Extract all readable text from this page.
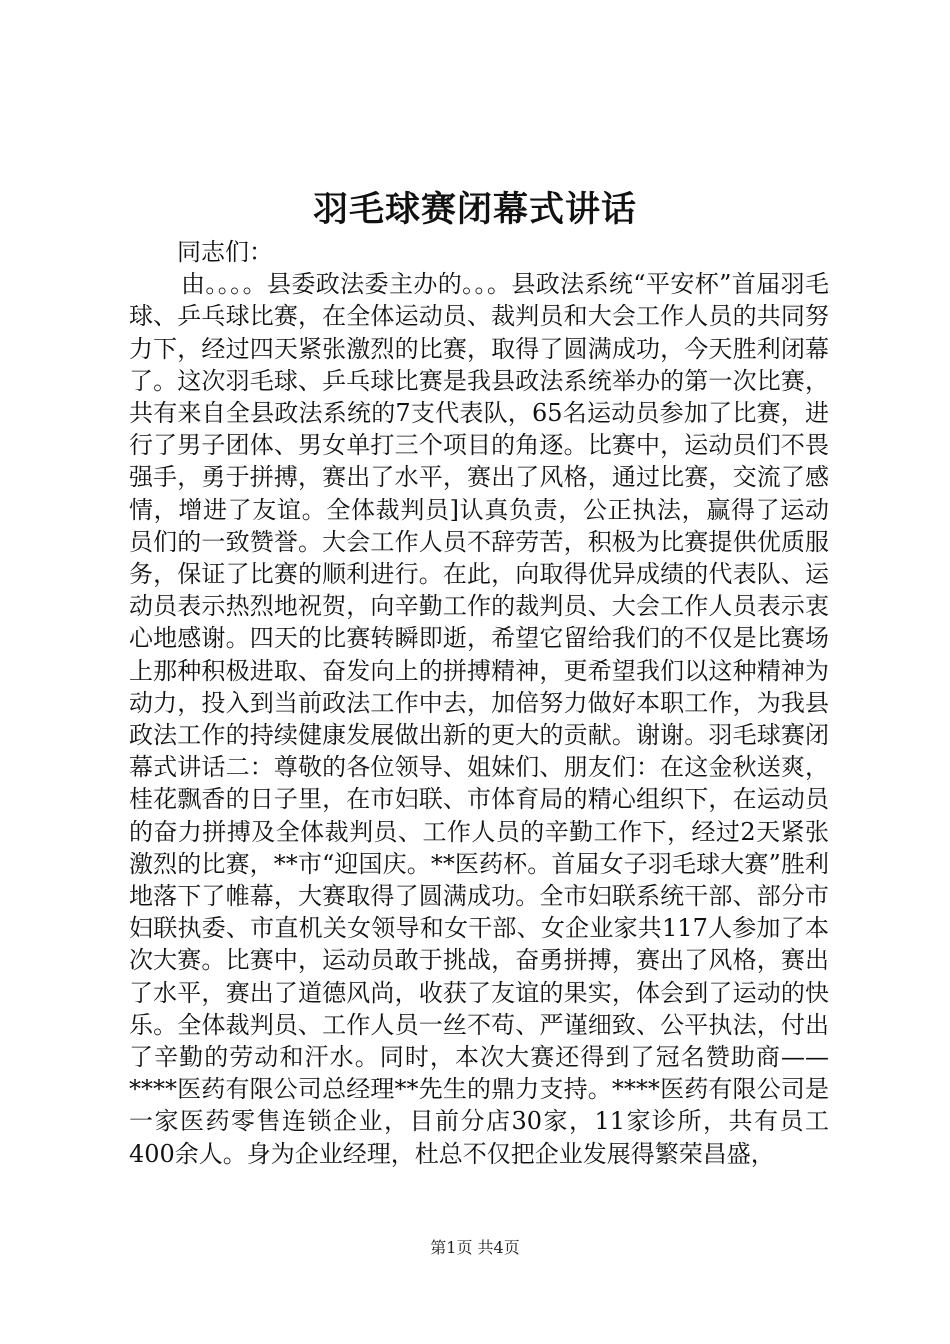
羽毛球赛闭幕式讲话

同志们：

由。。。。县委政法委主办的。。。县政法系统“平安杯”首届羽毛球、乒乓球比赛，在全体运动员、裁判员和大会工作人员的共同努力下，经过四天紧张激烈的比赛，取得了圆满成功，今天胜利闭幕了。这次羽毛球、乒乓球比赛是我县政法系统举办的第一次比赛，共有来自全县政法系统的7支代表队，65名运动员参加了比赛，进行了男子团体、男女单打三个项目的角逐。比赛中，运动员们不畏强手，勇于拼搏，赛出了水平，赛出了风格，通过比赛，交流了感情，增进了友谊。全体裁判员]认真负责，公正执法，赢得了运动员们的一致赞誉。大会工作人员不辞劳苦，积极为比赛提供优质服务，保证了比赛的顺利进行。在此，向取得优异成绩的代表队、运动员表示热烈地祝贺，向辛勤工作的裁判员、大会工作人员表示衷心地感谢。四天的比赛转瞬即逝，希望它留给我们的不仅是比赛场上那种积极进取、奋发向上的拼搏精神，更希望我们以这种精神为动力，投入到当前政法工作中去，加倍努力做好本职工作，为我县政法工作的持续健康发展做出新的更大的贡献。谢谢。羽毛球赛闭幕式讲话二：尊敬的各位领导、姐妹们、朋友们：在这金秋送爽，桂花飘香的日子里，在市妇联、市体育局的精心组织下，在运动员的奋力拼搏及全体裁判员、工作人员的辛勤工作下，经过2天紧张激烈的比赛，**市“迎国庆。**医药杯。首届女子羽毛球大赛”胜利地落下了帷幕，大赛取得了圆满成功。全市妇联系统干部、部分市妇联执委、市直机关女领导和女干部、女企业家共117人参加了本次大赛。比赛中，运动员敢于挑战，奋勇拼搏，赛出了风格，赛出了水平，赛出了道德风尚，收获了友谊的果实，体会到了运动的快乐。全体裁判员、工作人员一丝不苟、严谨细致、公平执法，付出了辛勤的劳动和汗水。同时，本次大赛还得到了冠名赞助商——****医药有限公司总经理**先生的鼎力支持。****医药有限公司是一家医药零售连锁企业，目前分店30家，11家诊所，共有员工400余人。身为企业经理，杜总不仅把企业发展得繁荣昌盛，

第1页 共4页
